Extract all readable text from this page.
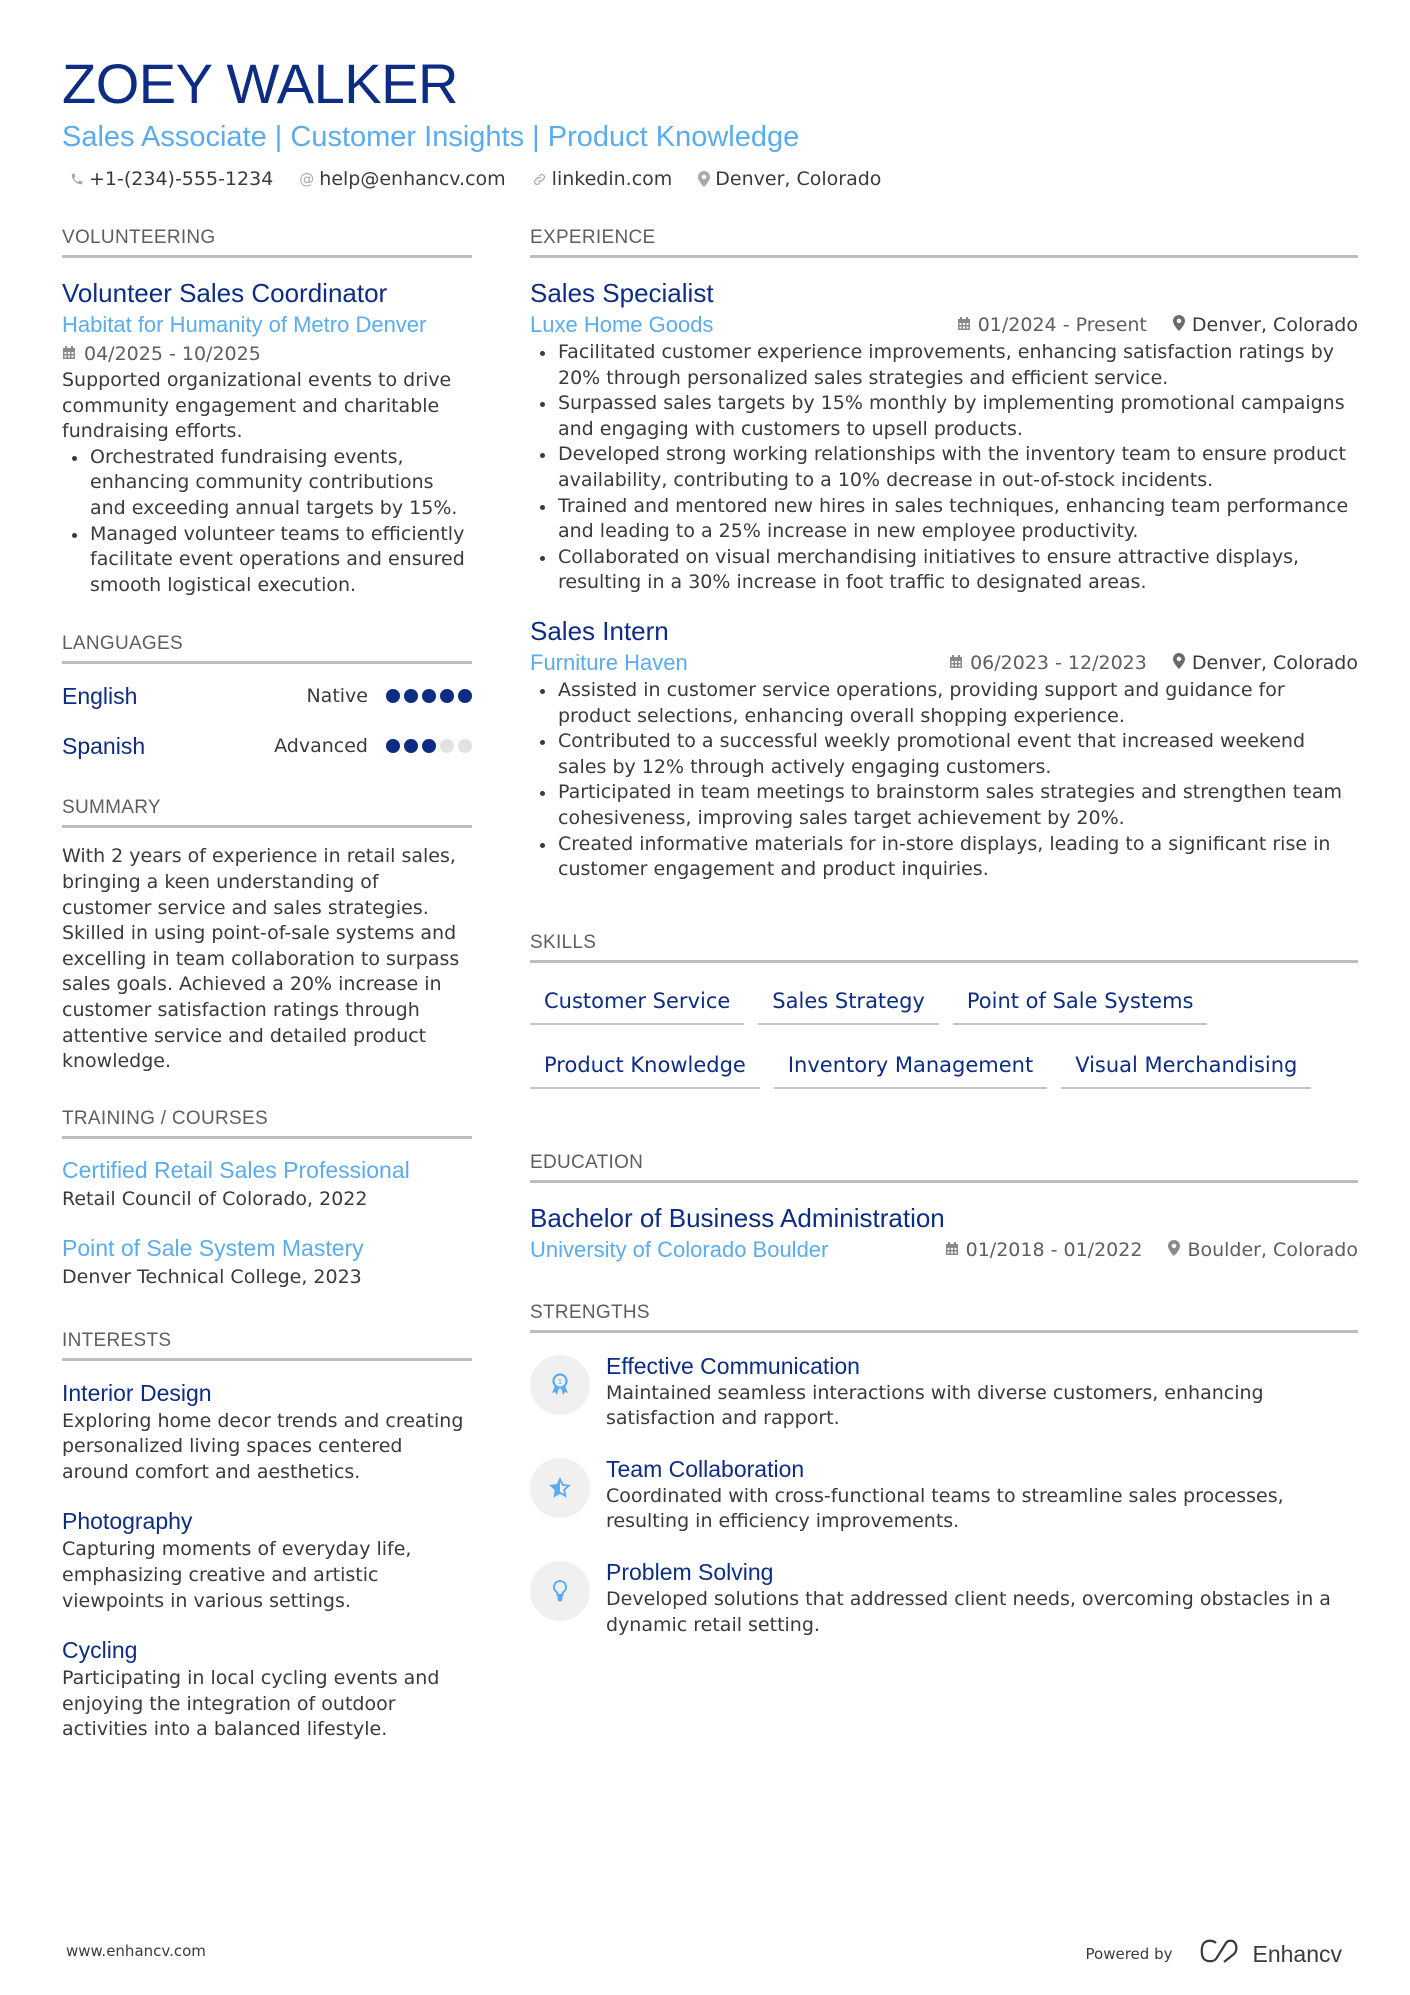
ZOEY WALKER
Sales Associate | Customer Insights | Product Knowledge
+1-(234)-555-1234 @ help@enhancv.com linkedin.com Denver, Colorado
VOLUNTEERING
Volunteer Sales Coordinator
Habitat for Humanity of Metro Denver
04/2025 - 10/2025
Supported organizational events to drive community engagement and charitable fundraising efforts.
Orchestrated fundraising events, enhancing community contributions and exceeding annual targets by 15%.
Managed volunteer teams to efficiently facilitate event operations and ensured smooth logistical execution.
LANGUAGES
English	Native
Spanish	Advanced
SUMMARY
With 2 years of experience in retail sales, bringing a keen understanding of customer service and sales strategies. Skilled in using point-of-sale systems and excelling in team collaboration to surpass sales goals. Achieved a 20% increase in customer satisfaction ratings through attentive service and detailed product knowledge.
TRAINING / COURSES
Certified Retail Sales Professional
Retail Council of Colorado, 2022
Point of Sale System Mastery
Denver Technical College, 2023
INTERESTS
Interior Design
Exploring home decor trends and creating personalized living spaces centered around comfort and aesthetics.
Photography
Capturing moments of everyday life, emphasizing creative and artistic viewpoints in various settings.
Cycling
Participating in local cycling events and enjoying the integration of outdoor activities into a balanced lifestyle.
EXPERIENCE
Sales Specialist
Luxe Home Goods	01/2024 - Present Denver, Colorado
Facilitated customer experience improvements, enhancing satisfaction ratings by 20% through personalized sales strategies and efficient service.
Surpassed sales targets by 15% monthly by implementing promotional campaigns and engaging with customers to upsell products.
Developed strong working relationships with the inventory team to ensure product availability, contributing to a 10% decrease in out-of-stock incidents.
Trained and mentored new hires in sales techniques, enhancing team performance and leading to a 25% increase in new employee productivity.
Collaborated on visual merchandising initiatives to ensure attractive displays, resulting in a 30% increase in foot traffic to designated areas.
Sales Intern
Furniture Haven	06/2023 - 12/2023 Denver, Colorado
Assisted in customer service operations, providing support and guidance for product selections, enhancing overall shopping experience.
Contributed to a successful weekly promotional event that increased weekend sales by 12% through actively engaging customers.
Participated in team meetings to brainstorm sales strategies and strengthen team cohesiveness, improving sales target achievement by 20%.
Created informative materials for in-store displays, leading to a significant rise in customer engagement and product inquiries.
SKILLS
Customer Service	Sales Strategy	Point of Sale Systems
Product Knowledge	Inventory Management	Visual Merchandising
EDUCATION
Bachelor of Business Administration
University of Colorado Boulder	01/2018 - 01/2022 Boulder, Colorado
STRENGTHS
1
Effective Communication
Maintained seamless interactions with diverse customers, enhancing satisfaction and rapport.
Team Collaboration
Coordinated with cross-functional teams to streamline sales processes, resulting in efficiency improvements.
Problem Solving
Developed solutions that addressed client needs, overcoming obstacles in a dynamic retail setting.
www.enhancv.com	Powered by	Enhancv
